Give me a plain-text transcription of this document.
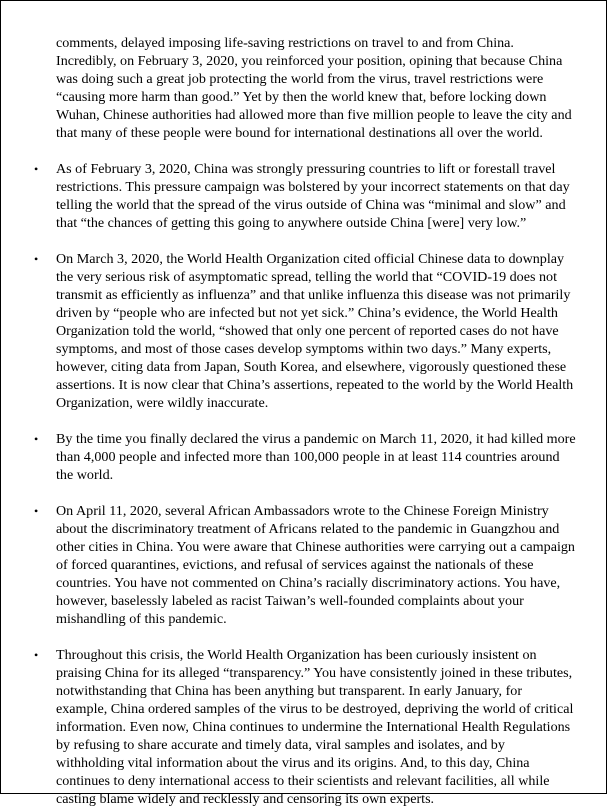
comments, delayed imposing life-saving restrictions on travel to and from China. Incredibly, on February 3, 2020, you reinforced your position, opining that because China was doing such a great job protecting the world from the virus, travel restrictions were “causing more harm than good.” Yet by then the world knew that, before locking down Wuhan, Chinese authorities had allowed more than five million people to leave the city and that many of these people were bound for international destinations all over the world.

• As of February 3, 2020, China was strongly pressuring countries to lift or forestall travel restrictions. This pressure campaign was bolstered by your incorrect statements on that day telling the world that the spread of the virus outside of China was “minimal and slow” and that “the chances of getting this going to anywhere outside China [were] very low.”
• On March 3, 2020, the World Health Organization cited official Chinese data to downplay the very serious risk of asymptomatic spread, telling the world that “COVID-19 does not transmit as efficiently as influenza” and that unlike influenza this disease was not primarily driven by “people who are infected but not yet sick.” China’s evidence, the World Health Organization told the world, “showed that only one percent of reported cases do not have symptoms, and most of those cases develop symptoms within two days.” Many experts, however, citing data from Japan, South Korea, and elsewhere, vigorously questioned these assertions. It is now clear that China’s assertions, repeated to the world by the World Health Organization, were wildly inaccurate.
• By the time you finally declared the virus a pandemic on March 11, 2020, it had killed more than 4,000 people and infected more than 100,000 people in at least 114 countries around the world.
• On April 11, 2020, several African Ambassadors wrote to the Chinese Foreign Ministry about the discriminatory treatment of Africans related to the pandemic in Guangzhou and other cities in China. You were aware that Chinese authorities were carrying out a campaign of forced quarantines, evictions, and refusal of services against the nationals of these countries. You have not commented on China’s racially discriminatory actions. You have, however, baselessly labeled as racist Taiwan’s well-founded complaints about your mishandling of this pandemic.
• Throughout this crisis, the World Health Organization has been curiously insistent on praising China for its alleged “transparency.” You have consistently joined in these tributes, notwithstanding that China has been anything but transparent. In early January, for example, China ordered samples of the virus to be destroyed, depriving the world of critical information. Even now, China continues to undermine the International Health Regulations by refusing to share accurate and timely data, viral samples and isolates, and by withholding vital information about the virus and its origins. And, to this day, China continues to deny international access to their scientists and relevant facilities, all while casting blame widely and recklessly and censoring its own experts.
